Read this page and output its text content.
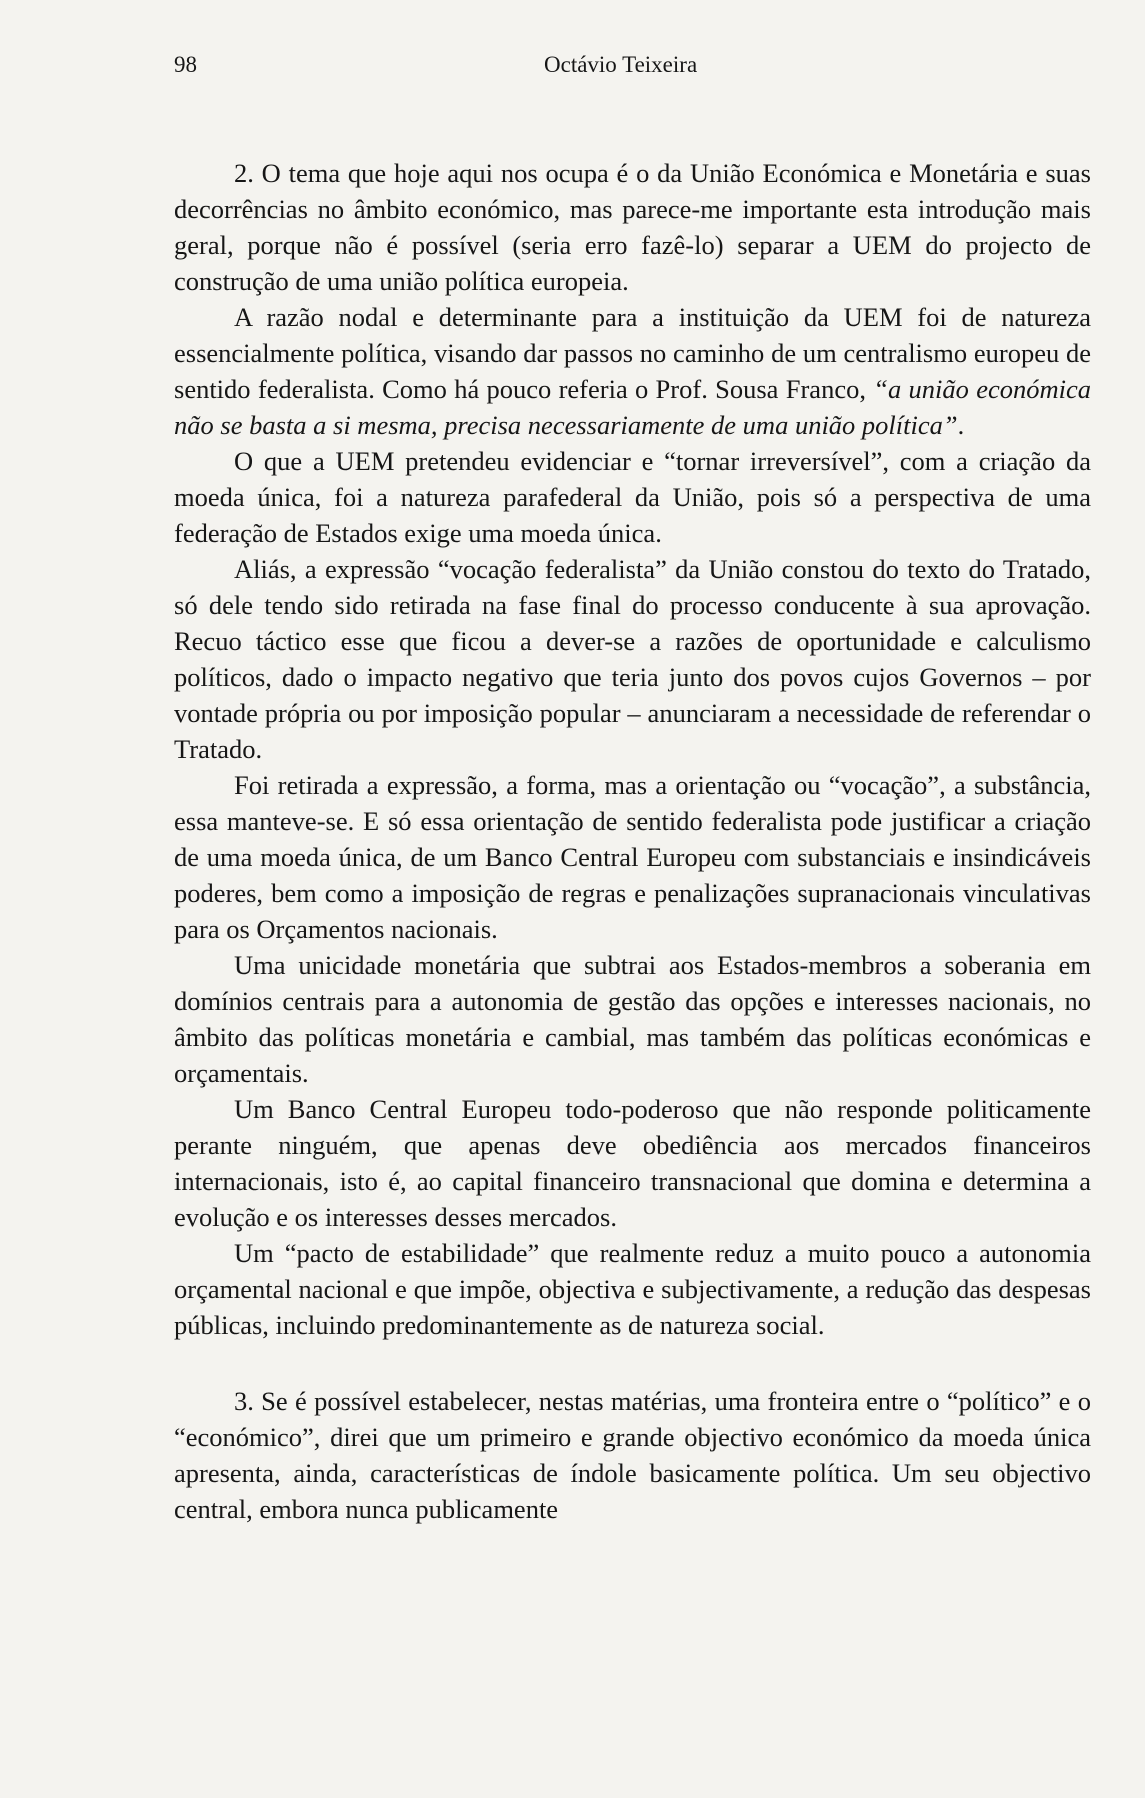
98	Octávio Teixeira

2. O tema que hoje aqui nos ocupa é o da União Económica e Monetária e suas decorrências no âmbito económico, mas parece-me importante esta introdução mais geral, porque não é possível (seria erro fazê-lo) separar a UEM do projecto de construção de uma união política europeia.

A razão nodal e determinante para a instituição da UEM foi de natureza essencialmente política, visando dar passos no caminho de um centralismo europeu de sentido federalista. Como há pouco referia o Prof. Sousa Franco, “a união económica não se basta a si mesma, precisa necessariamente de uma união política”.

O que a UEM pretendeu evidenciar e “tornar irreversível”, com a criação da moeda única, foi a natureza parafederal da União, pois só a perspectiva de uma federação de Estados exige uma moeda única.

Aliás, a expressão “vocação federalista” da União constou do texto do Tratado, só dele tendo sido retirada na fase final do processo conducente à sua aprovação. Recuo táctico esse que ficou a dever-se a razões de oportunidade e calculismo políticos, dado o impacto negativo que teria junto dos povos cujos Governos – por vontade própria ou por imposição popular – anunciaram a necessidade de referendar o Tratado.

Foi retirada a expressão, a forma, mas a orientação ou “vocação”, a substância, essa manteve-se. E só essa orientação de sentido federalista pode justificar a criação de uma moeda única, de um Banco Central Europeu com substanciais e insindicáveis poderes, bem como a imposição de regras e penalizações supranacionais vinculativas para os Orçamentos nacionais.

Uma unicidade monetária que subtrai aos Estados-membros a soberania em domínios centrais para a autonomia de gestão das opções e interesses nacionais, no âmbito das políticas monetária e cambial, mas também das políticas económicas e orçamentais.

Um Banco Central Europeu todo-poderoso que não responde politicamente perante ninguém, que apenas deve obediência aos mercados financeiros internacionais, isto é, ao capital financeiro transnacional que domina e determina a evolução e os interesses desses mercados.

Um “pacto de estabilidade” que realmente reduz a muito pouco a autonomia orçamental nacional e que impõe, objectiva e subjectivamente, a redução das despesas públicas, incluindo predominantemente as de natureza social.

3. Se é possível estabelecer, nestas matérias, uma fronteira entre o “político” e o “económico”, direi que um primeiro e grande objectivo económico da moeda única apresenta, ainda, características de índole basicamente política. Um seu objectivo central, embora nunca publicamente
